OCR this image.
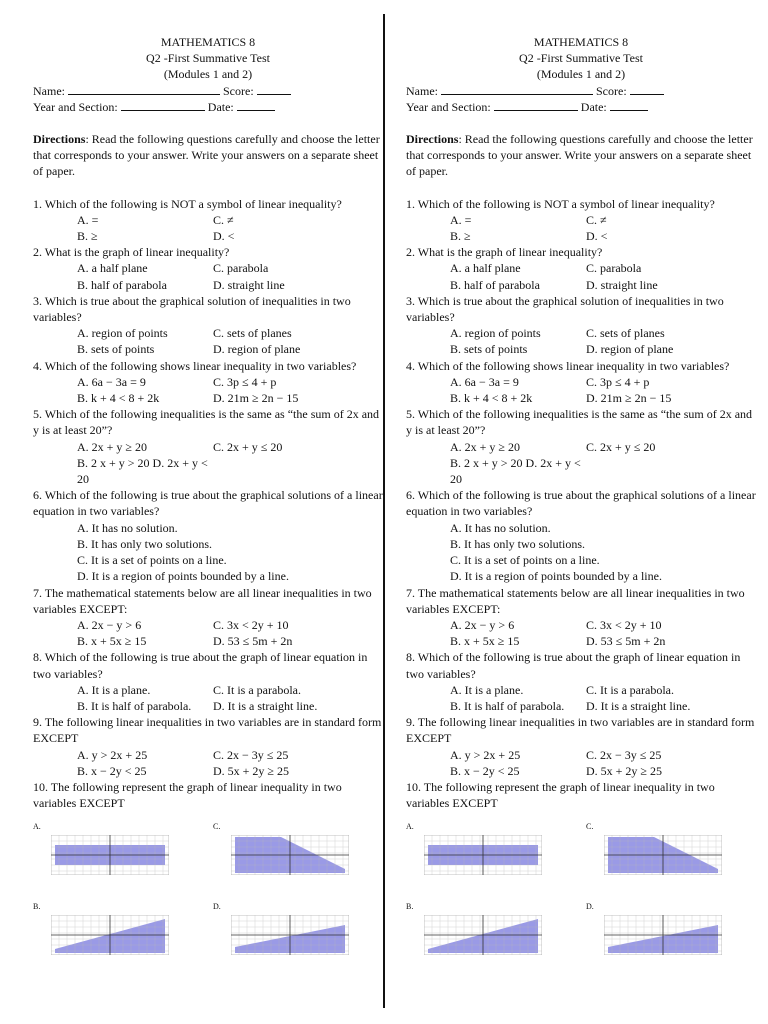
MATHEMATICS 8
Q2 -First Summative Test
(Modules 1 and 2)
Name:	Score:
Year and Section:	Date:
Directions: Read the following questions carefully and choose the letter that corresponds to your answer. Write your answers on a separate sheet of paper.
1. Which of the following is NOT a symbol of linear inequality?
A. =	C. ≠
B. ≥	D. <
2. What is the graph of linear inequality?
A. a half plane	C. parabola
B. half of parabola	D. straight line
3. Which is true about the graphical solution of inequalities in two variables?
A. region of points	C. sets of planes
B. sets of points	D. region of plane
4. Which of the following shows linear inequality in two variables?
A. 6a − 3a = 9	C. 3p ≤ 4 + p
B. k + 4 < 8 + 2k	D. 21m ≥ 2n − 15
5. Which of the following inequalities is the same as “the sum of 2x and y is at least 20”?
A. 2x + y ≥ 20	C. 2x + y ≤ 20
B. 2 x + y > 20 D. 2x + y < 20
6. Which of the following is true about the graphical solutions of a linear equation in two variables?
A. It has no solution.
B. It has only two solutions.
C. It is a set of points on a line.
D. It is a region of points bounded by a line.
7. The mathematical statements below are all linear inequalities in two variables EXCEPT:
A. 2x − y > 6	C. 3x < 2y + 10
B. x + 5x ≥ 15	D. 53 ≤ 5m + 2n
8. Which of the following is true about the graph of linear equation in two variables?
A. It is a plane.	C. It is a parabola.
B. It is half of parabola.	D. It is a straight line.
9. The following linear inequalities in two variables are in standard form EXCEPT
A. y > 2x + 25	C. 2x − 3y ≤ 25
B. x − 2y < 25	D. 5x + 2y ≥ 25
10. The following represent the graph of linear inequality in two variables EXCEPT
A.	C.
B.	D.
MATHEMATICS 8
Q2 -First Summative Test
(Modules 1 and 2)
Name:	Score:
Year and Section:	Date:
Directions: Read the following questions carefully and choose the letter that corresponds to your answer. Write your answers on a separate sheet of paper.
1. Which of the following is NOT a symbol of linear inequality?
A. =	C. ≠
B. ≥	D. <
2. What is the graph of linear inequality?
A. a half plane	C. parabola
B. half of parabola	D. straight line
3. Which is true about the graphical solution of inequalities in two variables?
A. region of points	C. sets of planes
B. sets of points	D. region of plane
4. Which of the following shows linear inequality in two variables?
A. 6a − 3a = 9	C. 3p ≤ 4 + p
B. k + 4 < 8 + 2k	D. 21m ≥ 2n − 15
5. Which of the following inequalities is the same as “the sum of 2x and y is at least 20”?
A. 2x + y ≥ 20	C. 2x + y ≤ 20
B. 2 x + y > 20 D. 2x + y < 20
6. Which of the following is true about the graphical solutions of a linear equation in two variables?
A. It has no solution.
B. It has only two solutions.
C. It is a set of points on a line.
D. It is a region of points bounded by a line.
7. The mathematical statements below are all linear inequalities in two variables EXCEPT:
A. 2x − y > 6	C. 3x < 2y + 10
B. x + 5x ≥ 15	D. 53 ≤ 5m + 2n
8. Which of the following is true about the graph of linear equation in two variables?
A. It is a plane.	C. It is a parabola.
B. It is half of parabola.	D. It is a straight line.
9. The following linear inequalities in two variables are in standard form EXCEPT
A. y > 2x + 25	C. 2x − 3y ≤ 25
B. x − 2y < 25	D. 5x + 2y ≥ 25
10. The following represent the graph of linear inequality in two variables EXCEPT
A.	C.
B.	D.
